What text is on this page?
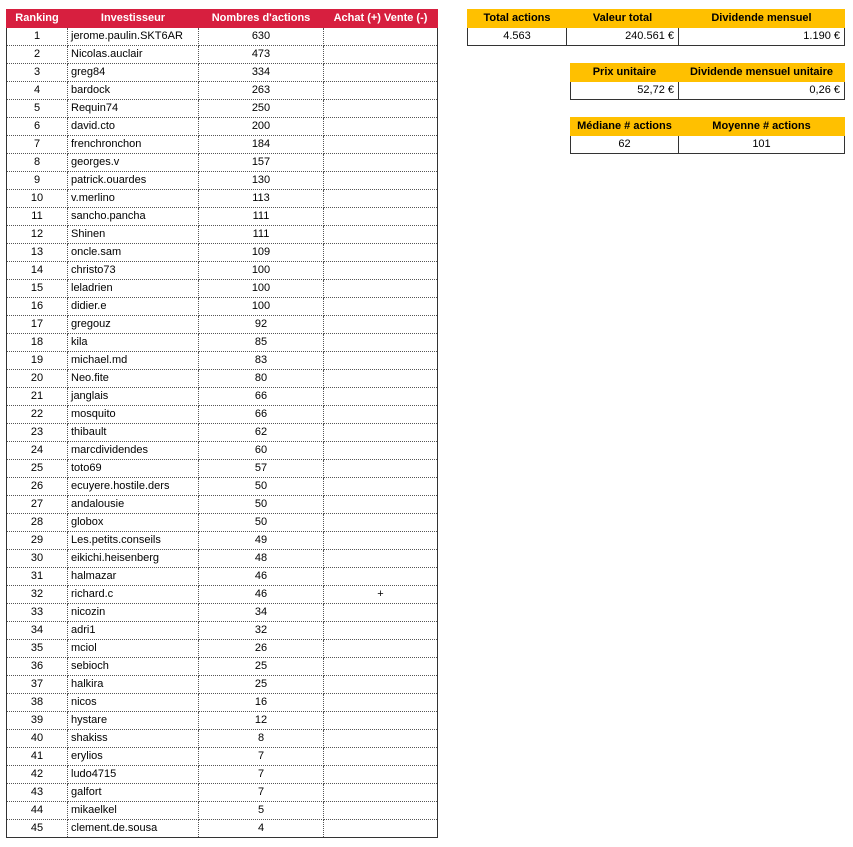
Ranking	Investisseur	Nombres d'actions	Achat (+) Vente (-)
1	jerome.paulin.SKT6AR	630	
2	Nicolas.auclair	473	
3	greg84	334	
4	bardock	263	
5	Requin74	250	
6	david.cto	200	
7	frenchronchon	184	
8	georges.v	157	
9	patrick.ouardes	130	
10	v.merlino	113	
11	sancho.pancha	111	
12	Shinen	111	
13	oncle.sam	109	
14	christo73	100	
15	leladrien	100	
16	didier.e	100	
17	gregouz	92	
18	kila	85	
19	michael.md	83	
20	Neo.fite	80	
21	janglais	66	
22	mosquito	66	
23	thibault	62	
24	marcdividendes	60	
25	toto69	57	
26	ecuyere.hostile.ders	50	
27	andalousie	50	
28	globox	50	
29	Les.petits.conseils	49	
30	eikichi.heisenberg	48	
31	halmazar	46	
32	richard.c	46	+
33	nicozin	34	
34	adri1	32	
35	mciol	26	
36	sebioch	25	
37	halkira	25	
38	nicos	16	
39	hystare	12	
40	shakiss	8	
41	erylios	7	
42	ludo4715	7	
43	galfort	7	
44	mikaelkel	5	
45	clement.de.sousa	4	
Total actions	Valeur total	Dividende mensuel
4.563	240.561 €	1.190 €
Prix unitaire	Dividende mensuel unitaire
52,72 €	0,26 €
Médiane # actions	Moyenne # actions
62	101
